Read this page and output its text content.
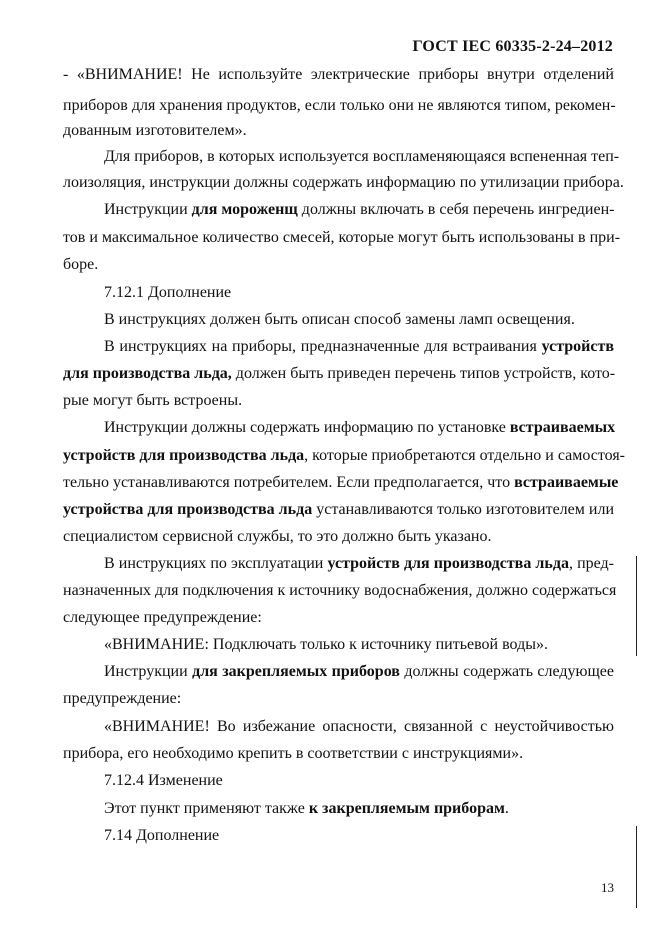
ГОСТ IEC 60335-2-24–2012
- «ВНИМАНИЕ! Не используйте электрические приборы внутри отделений
приборов для хранения продуктов, если только они не являются типом, рекомен-
дованным изготовителем».
Для приборов, в которых используется воспламеняющаяся вспененная теп-
лоизоляция, инструкции должны содержать информацию по утилизации прибора.
Инструкции для мороженщ должны включать в себя перечень ингредиен-
тов и максимальное количество смесей, которые могут быть использованы в при-
боре.
7.12.1 Дополнение
В инструкциях должен быть описан способ замены ламп освещения.
В инструкциях на приборы, предназначенные для встраивания устройств
для производства льда, должен быть приведен перечень типов устройств, кото-
рые могут быть встроены.
Инструкции должны содержать информацию по установке встраиваемых
устройств для производства льда, которые приобретаются отдельно и самостоя-
тельно устанавливаются потребителем. Если предполагается, что встраиваемые
устройства для производства льда устанавливаются только изготовителем или
специалистом сервисной службы, то это должно быть указано.
В инструкциях по эксплуатации устройств для производства льда, пред-
назначенных для подключения к источнику водоснабжения, должно содержаться
следующее предупреждение:
«ВНИМАНИЕ: Подключать только к источнику питьевой воды».
Инструкции для закрепляемых приборов должны содержать следующее
предупреждение:
«ВНИМАНИЕ! Во избежание опасности, связанной с неустойчивостью
прибора, его необходимо крепить в соответствии с инструкциями».
7.12.4 Изменение
Этот пункт применяют также к закрепляемым приборам.
7.14 Дополнение
13
